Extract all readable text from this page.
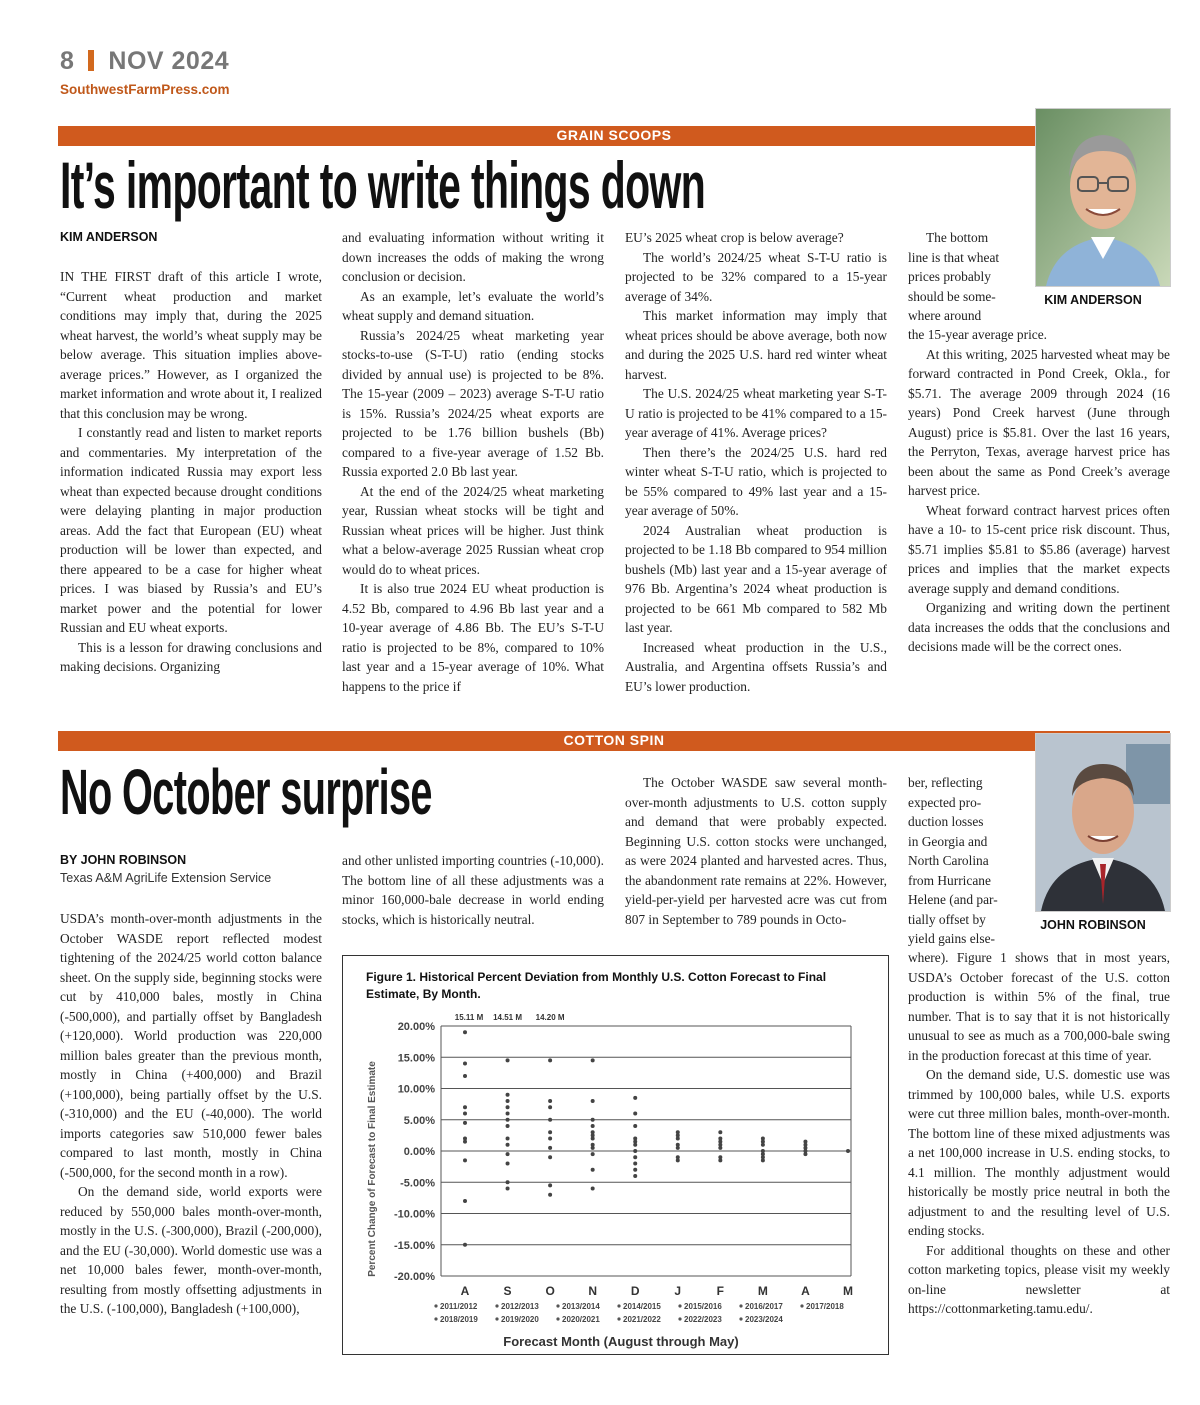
8 NOV 2024
SouthwestFarmPress.com
GRAIN SCOOPS
It’s important to write things down
KIM ANDERSON
KIM ANDERSON

IN THE FIRST draft of this article I wrote, “Current wheat production and market conditions may imply that, during the 2025 wheat harvest, the world’s wheat supply may be below average. This situation implies above-average prices.” However, as I organized the market information and wrote about it, I realized that this conclusion may be wrong.

I constantly read and listen to market reports and commentaries. My interpretation of the information indicated Russia may export less wheat than expected because drought conditions were delaying planting in major production areas. Add the fact that European (EU) wheat production will be lower than expected, and there appeared to be a case for higher wheat prices. I was biased by Russia’s and EU’s market power and the potential for lower Russian and EU wheat exports.

This is a lesson for drawing conclusions and making decisions. Organizing

and evaluating information without writing it down increases the odds of making the wrong conclusion or decision.

As an example, let’s evaluate the world’s wheat supply and demand situation.

Russia’s 2024/25 wheat marketing year stocks-to-use (S-T-U) ratio (ending stocks divided by annual use) is projected to be 8%. The 15-year (2009 – 2023) average S-T-U ratio is 15%. Russia’s 2024/25 wheat exports are projected to be 1.76 billion bushels (Bb) compared to a five-year average of 1.52 Bb. Russia exported 2.0 Bb last year.

At the end of the 2024/25 wheat marketing year, Russian wheat stocks will be tight and Russian wheat prices will be higher. Just think what a below-average 2025 Russian wheat crop would do to wheat prices.

It is also true 2024 EU wheat production is 4.52 Bb, compared to 4.96 Bb last year and a 10-year average of 4.86 Bb. The EU’s S-T-U ratio is projected to be 8%, compared to 10% last year and a 15-year average of 10%. What happens to the price if

EU’s 2025 wheat crop is below average?

The world’s 2024/25 wheat S-T-U ratio is projected to be 32% compared to a 15-year average of 34%.

This market information may imply that wheat prices should be above average, both now and during the 2025 U.S. hard red winter wheat harvest.

The U.S. 2024/25 wheat marketing year S-T-U ratio is projected to be 41% compared to a 15-year average of 41%. Average prices?

Then there’s the 2024/25 U.S. hard red winter wheat S-T-U ratio, which is projected to be 55% compared to 49% last year and a 15-year average of 50%.

2024 Australian wheat production is projected to be 1.18 Bb compared to 954 million bushels (Mb) last year and a 15-year average of 976 Bb. Argentina’s 2024 wheat production is projected to be 661 Mb compared to 582 Mb last year.

Increased wheat production in the U.S., Australia, and Argentina offsets Russia’s and EU’s lower production.

The bottom
line is that wheat
prices probably
should be some-
where around

the 15-year average price.

At this writing, 2025 harvested wheat may be forward contracted in Pond Creek, Okla., for $5.71. The average 2009 through 2024 (16 years) Pond Creek harvest (June through August) price is $5.81. Over the last 16 years, the Perryton, Texas, average harvest price has been about the same as Pond Creek’s average harvest price.

Wheat forward contract harvest prices often have a 10- to 15-cent price risk discount. Thus, $5.71 implies $5.81 to $5.86 (average) harvest prices and implies that the market expects average supply and demand conditions.

Organizing and writing down the pertinent data increases the odds that the conclusions and decisions made will be the correct ones.

COTTON SPIN
No October surprise
BY JOHN ROBINSON
Texas A&M AgriLife Extension Service
JOHN ROBINSON

USDA’s month-over-month adjustments in the October WASDE report reflected modest tightening of the 2024/25 world cotton balance sheet. On the supply side, beginning stocks were cut by 410,000 bales, mostly in China (-500,000), and partially offset by Bangladesh (+120,000). World production was 220,000 million bales greater than the previous month, mostly in China (+400,000) and Brazil (+100,000), being partially offset by the U.S. (-310,000) and the EU (-40,000). The world imports categories saw 510,000 fewer bales compared to last month, mostly in China (-500,000, for the second month in a row).

On the demand side, world exports were reduced by 550,000 bales month-over-month, mostly in the U.S. (-300,000), Brazil (-200,000), and the EU (-30,000). World domestic use was a net 10,000 bales fewer, month-over-month, resulting from mostly offsetting adjustments in the U.S. (-100,000), Bangladesh (+100,000),

and other unlisted importing countries (-10,000). The bottom line of all these adjustments was a minor 160,000-bale decrease in world ending stocks, which is historically neutral.

The October WASDE saw several month-over-month adjustments to U.S. cotton supply and demand that were probably expected. Beginning U.S. cotton stocks were unchanged, as were 2024 planted and harvested acres. Thus, the abandonment rate remains at 22%. However, yield-per-yield per harvested acre was cut from 807 in September to 789 pounds in Octo-

ber, reflecting
expected pro-
duction losses
in Georgia and
North Carolina
from Hurricane
Helene (and par-
tially offset by
yield gains else-

where). Figure 1 shows that in most years, USDA’s October forecast of the U.S. cotton production is within 5% of the final, true number. That is to say that it is not historically unusual to see as much as a 700,000-bale swing in the production forecast at this time of year.

On the demand side, U.S. domestic use was trimmed by 100,000 bales, while U.S. exports were cut three million bales, month-over-month. The bottom line of these mixed adjustments was a net 100,000 increase in U.S. ending stocks, to 4.1 million. The monthly adjustment would historically be mostly price neutral in both the adjustment to and the resulting level of U.S. ending stocks.

For additional thoughts on these and other cotton marketing topics, please visit my weekly on-line newsletter at https://cottonmarketing.tamu.edu/.

Figure 1. Historical Percent Deviation from Monthly U.S. Cotton Forecast to Final Estimate, By Month.
20.00%
15.00%
10.00%
5.00%
0.00%
-5.00%
-10.00%
-15.00%
-20.00%
A	S	O	N	D	J	F	M	A	M
15.11 M 14.51 M 14.20 M
2011/2012	2012/2013	2013/2014	2014/2015	2015/2016	2016/2017	2017/2018
2018/2019	2019/2020	2020/2021	2021/2022	2022/2023	2023/2024
Percent Change of Forecast to Final Estimate
Forecast Month (August through May)
